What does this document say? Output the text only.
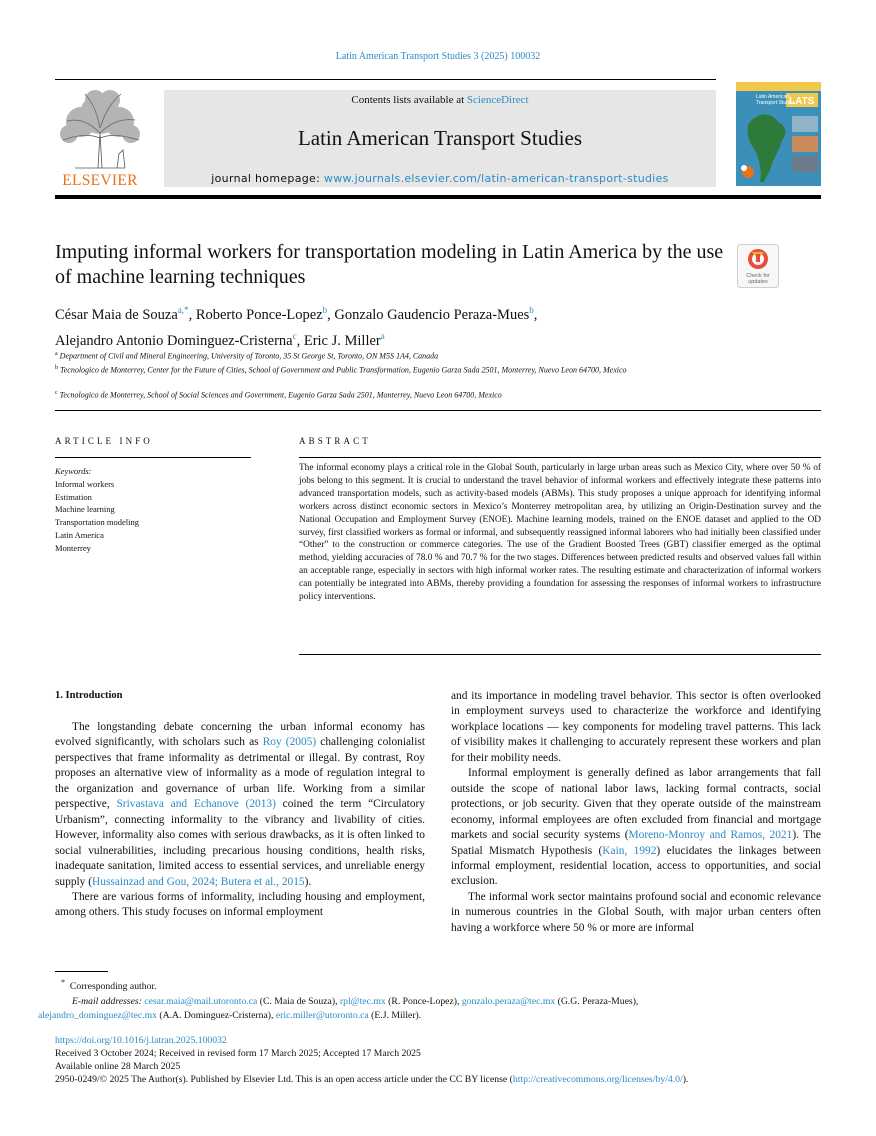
Latin American Transport Studies 3 (2025) 100032
ELSEVIER
Contents lists available at ScienceDirect
Latin American Transport Studies
journal homepage: www.journals.elsevier.com/latin-american-transport-studies
LATS
Latin American
Transport Studies
Imputing informal workers for transportation modeling in Latin America by the use of machine learning techniques	Check for
updates
César Maia de Souza$^{a,*}$, Roberto Ponce-Lopez$^b$, Gonzalo Gaudencio Peraza-Mues$^b$,
Alejandro Antonio Dominguez-Cristerna$^c$, Eric J. Miller$^a$
$^a$ Department of Civil and Mineral Engineering, University of Toronto, 35 St George St, Toronto, ON M5S 1A4, Canada
$^b$ Tecnologico de Monterrey, Center for the Future of Cities, School of Government and Public Transformation, Eugenio Garza Sada 2501, Monterrey, Nuevo Leon 64700, Mexico
$^c$ Tecnologico de Monterrey, School of Social Sciences and Government, Eugenio Garza Sada 2501, Monterrey, Nuevo Leon 64700, Mexico
ARTICLE INFO	ABSTRACT
Keywords:
Informal workers
Estimation
Machine learning
Transportation modeling
Latin America
Monterrey
The informal economy plays a critical role in the Global South, particularly in large urban areas such as Mexico City, where over 50 % of jobs belong to this segment. It is crucial to understand the travel behavior of informal workers and effectively integrate these patterns into advanced transportation models, such as activity-based models (ABMs). This study proposes a unique approach for identifying informal workers across distinct economic sectors in Mexico’s Monterrey metropolitan area, by utilizing an Origin-Destination survey and the National Occupation and Employment Survey (ENOE). Machine learning models, trained on the ENOE dataset and applied to the OD survey, first classified workers as formal or informal, and subsequently reassigned informal laborers who had initially been classified under “Other” to the construction or commerce categories. The use of the Gradient Boosted Trees (GBT) classifier emerged as the optimal method, yielding accuracies of 78.0 % and 70.7 % for the two stages. Differences between predicted results and observed values fall within an acceptable range, especially in sectors with high informal worker rates. The resulting estimate and characterization of informal workers can potentially be integrated into ABMs, thereby providing a foundation for assessing the responses of informal workers to infrastructure policy interventions.
1. Introduction

The longstanding debate concerning the urban informal economy has evolved significantly, with scholars such as Roy (2005) challenging colonialist perspectives that frame informality as detrimental or illegal. By contrast, Roy proposes an alternative view of informality as a mode of regulation integral to the organization and governance of urban life. Working from a similar perspective, Srivastava and Echanove (2013) coined the term “Circulatory Urbanism”, connecting informality to the vibrancy and livability of cities. However, informality also comes with serious drawbacks, as it is often linked to social vulnerabilities, including precarious housing conditions, health risks, inadequate sanitation, limited access to essential services, and unreliable energy supply (Hussainzad and Gou, 2024; Butera et al., 2015).

There are various forms of informality, including housing and employment, among others. This study focuses on informal employment

and its importance in modeling travel behavior. This sector is often overlooked in employment surveys used to characterize the workforce and identifying workplace locations — key components for modeling travel patterns. This lack of visibility makes it challenging to accurately represent these workers and plan for their mobility needs.

Informal employment is generally defined as labor arrangements that fall outside the scope of national labor laws, lacking formal contracts, social protections, or job security. Given that they operate outside of the mainstream economy, informal employees are often excluded from financial and mortgage markets and social security systems (Moreno-Monroy and Ramos, 2021). The Spatial Mismatch Hypothesis (Kain, 1992) elucidates the linkages between informal employment, residential location, access to opportunities, and social exclusion.

The informal work sector maintains profound social and economic relevance in numerous countries in the Global South, with major urban centers often having a workforce where 50 % or more are informal

* Corresponding author.
E-mail addresses: cesar.maia@mail.utoronto.ca (C. Maia de Souza), rpl@tec.mx (R. Ponce-Lopez), gonzalo.peraza@tec.mx (G.G. Peraza-Mues),
alejandro_dominguez@tec.mx (A.A. Dominguez-Cristerna), eric.miller@utoronto.ca (E.J. Miller).
https://doi.org/10.1016/j.latran.2025.100032
Received 3 October 2024; Received in revised form 17 March 2025; Accepted 17 March 2025
Available online 28 March 2025
2950-0249/© 2025 The Author(s). Published by Elsevier Ltd. This is an open access article under the CC BY license (http://creativecommons.org/licenses/by/4.0/).
